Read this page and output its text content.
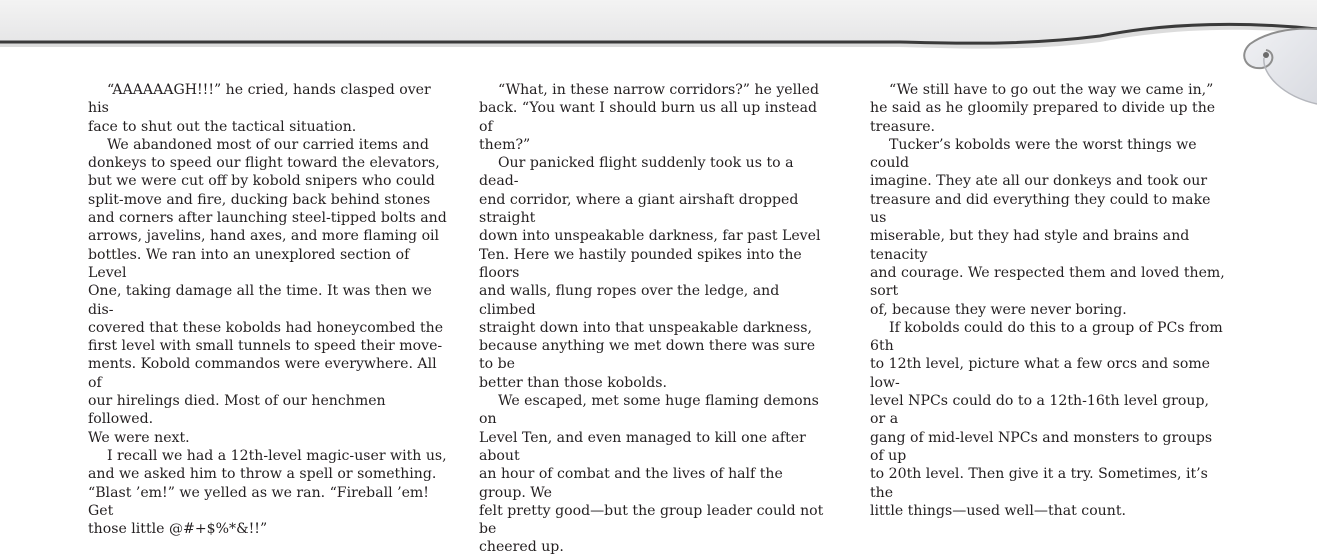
“AAAAAAGH!!!” he cried, hands clasped over his
face to shut out the tactical situation.

We abandoned most of our carried items and
donkeys to speed our flight toward the elevators,
but we were cut off by kobold snipers who could
split-move and fire, ducking back behind stones
and corners after launching steel-tipped bolts and
arrows, javelins, hand axes, and more flaming oil
bottles. We ran into an unexplored section of Level
One, taking damage all the time. It was then we dis-
covered that these kobolds had honeycombed the
first level with small tunnels to speed their move-
ments. Kobold commandos were everywhere. All of
our hirelings died. Most of our henchmen followed.
We were next.

I recall we had a 12th-level magic-user with us,
and we asked him to throw a spell or something.
“Blast ’em!” we yelled as we ran. “Fireball ’em! Get
those little @#+$%*&!!”

“What, in these narrow corridors?” he yelled
back. “You want I should burn us all up instead of
them?”

Our panicked flight suddenly took us to a dead-
end corridor, where a giant airshaft dropped straight
down into unspeakable darkness, far past Level
Ten. Here we hastily pounded spikes into the floors
and walls, flung ropes over the ledge, and climbed
straight down into that unspeakable darkness,
because anything we met down there was sure to be
better than those kobolds.

We escaped, met some huge flaming demons on
Level Ten, and even managed to kill one after about
an hour of combat and the lives of half the group. We
felt pretty good—but the group leader could not be
cheered up.

“We still have to go out the way we came in,”
he said as he gloomily prepared to divide up the
treasure.

Tucker’s kobolds were the worst things we could
imagine. They ate all our donkeys and took our
treasure and did everything they could to make us
miserable, but they had style and brains and tenacity
and courage. We respected them and loved them, sort
of, because they were never boring.

If kobolds could do this to a group of PCs from 6th
to 12th level, picture what a few orcs and some low-
level NPCs could do to a 12th-16th level group, or a
gang of mid-level NPCs and monsters to groups of up
to 20th level. Then give it a try. Sometimes, it’s the
little things—used well—that count.
